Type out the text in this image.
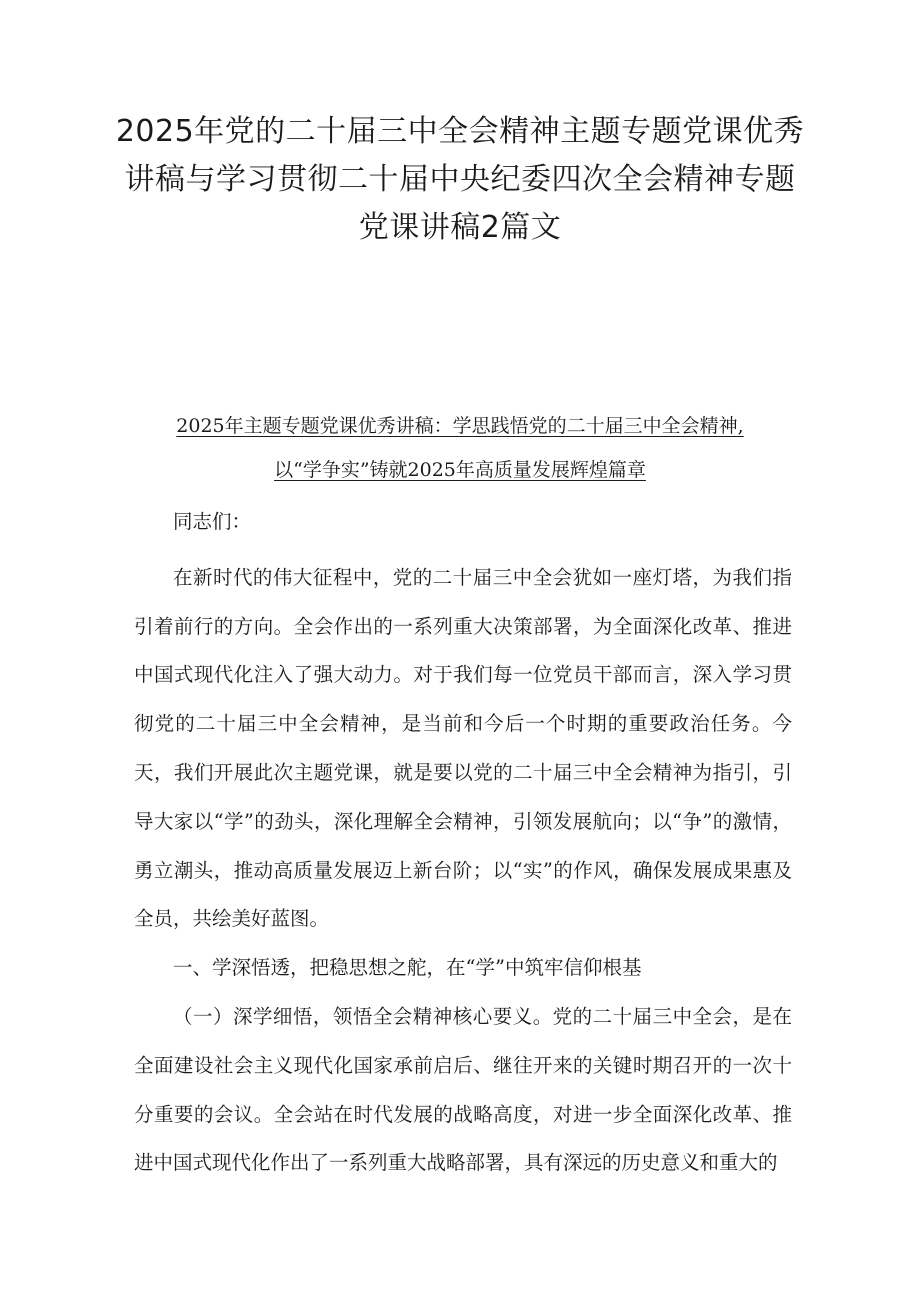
2025年党的二十届三中全会精神主题专题党课优秀
讲稿与学习贯彻二十届中央纪委四次全会精神专题
党课讲稿2篇文
2025年主题专题党课优秀讲稿：学思践悟党的二十届三中全会精神,
以“学争实”铸就2025年高质量发展辉煌篇章

同志们：

在新时代的伟大征程中，党的二十届三中全会犹如一座灯塔，为我们指引着前行的方向。全会作出的一系列重大决策部署，为全面深化改革、推进中国式现代化注入了强大动力。对于我们每一位党员干部而言，深入学习贯彻党的二十届三中全会精神，是当前和今后一个时期的重要政治任务。今天，我们开展此次主题党课，就是要以党的二十届三中全会精神为指引，引导大家以“学”的劲头，深化理解全会精神，引领发展航向；以“争”的激情，勇立潮头，推动高质量发展迈上新台阶；以“实”的作风，确保发展成果惠及全员，共绘美好蓝图。

一、学深悟透，把稳思想之舵，在“学”中筑牢信仰根基

（一）深学细悟，领悟全会精神核心要义。党的二十届三中全会，是在全面建设社会主义现代化国家承前启后、继往开来的关键时期召开的一次十分重要的会议。全会站在时代发展的战略高度，对进一步全面深化改革、推进中国式现代化作出了一系列重大战略部署，具有深远的历史意义和重大的
